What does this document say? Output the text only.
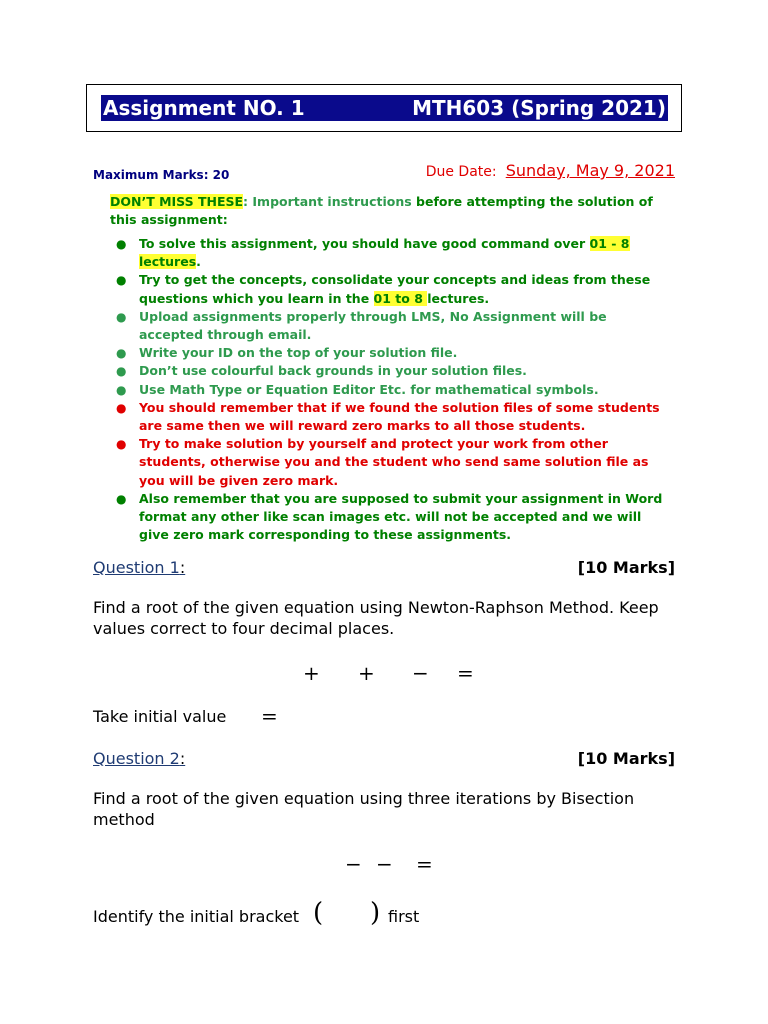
Assignment NO. 1	MTH603 (Spring 2021)
Maximum Marks: 20	Due Date: Sunday, May 9, 2021
DON’T MISS THESE: Important instructions before attempting the solution of this assignment:
● To solve this assignment, you should have good command over 01 - 8 lectures.
● Try to get the concepts, consolidate your concepts and ideas from these questions which you learn in the 01 to 8 lectures.
● Upload assignments properly through LMS, No Assignment will be accepted through email.
● Write your ID on the top of your solution file.
● Don’t use colourful back grounds in your solution files.
● Use Math Type or Equation Editor Etc. for mathematical symbols.
● You should remember that if we found the solution files of some students are same then we will reward zero marks to all those students.
● Try to make solution by yourself and protect your work from other students, otherwise you and the student who send same solution file as you will be given zero mark.
● Also remember that you are supposed to submit your assignment in Word format any other like scan images etc. will not be accepted and we will give zero mark corresponding to these assignments.
Question 1:	[10 Marks]
Find a root of the given equation using Newton-Raphson Method. Keep values correct to four decimal places.
+ + − =
Take initial value	=
Question 2:	[10 Marks]
Find a root of the given equation using three iterations by Bisection method
− − =
Identify the initial bracket ( ) first
